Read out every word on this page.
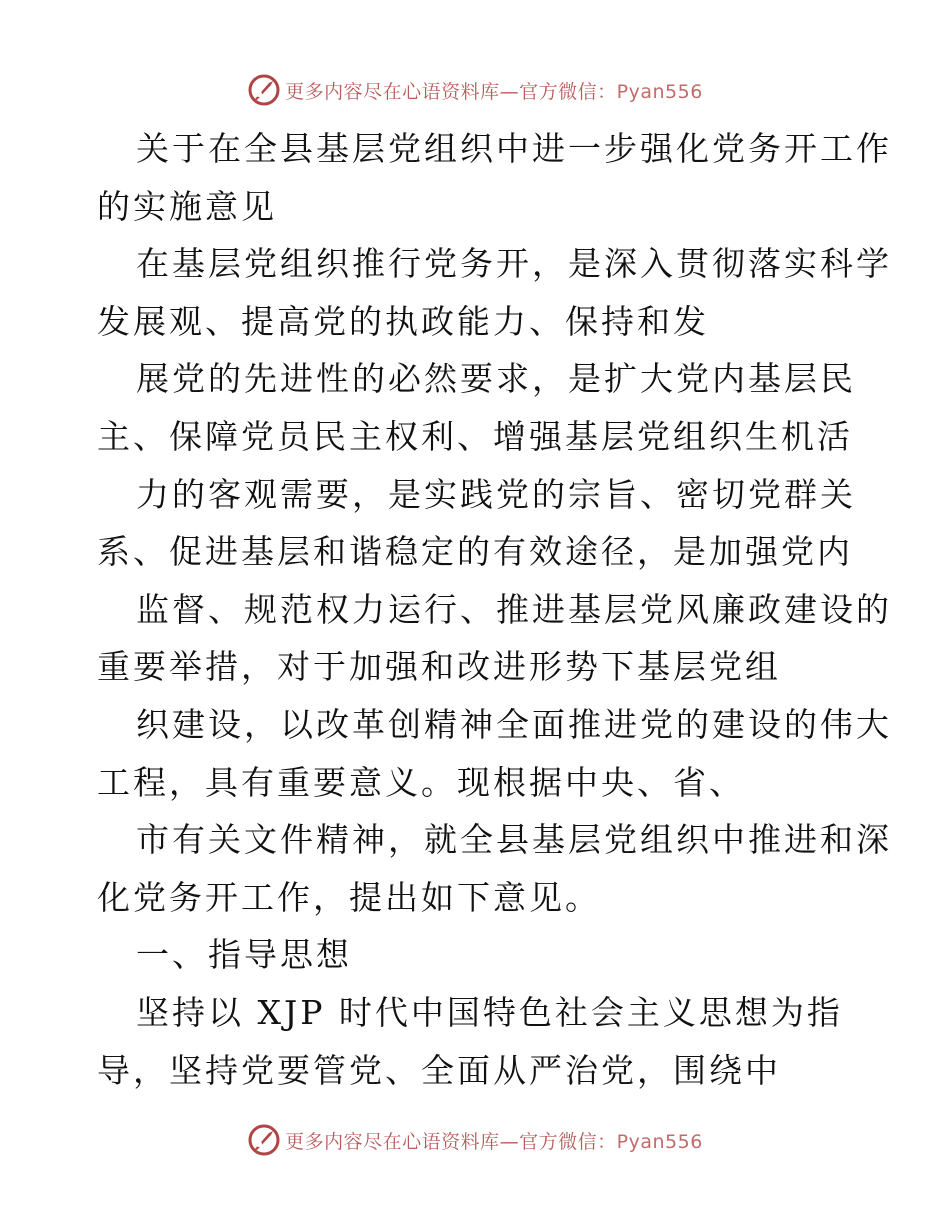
更多内容尽在心语资料库—官方微信：Pyan556
关于在全县基层党组织中进一步强化党务开工作
的实施意见
在基层党组织推行党务开，是深入贯彻落实科学
发展观、提高党的执政能力、保持和发
展党的先进性的必然要求，是扩大党内基层民
主、保障党员民主权利、增强基层党组织生机活
力的客观需要，是实践党的宗旨、密切党群关
系、促进基层和谐稳定的有效途径，是加强党内
监督、规范权力运行、推进基层党风廉政建设的
重要举措，对于加强和改进形势下基层党组
织建设，以改革创精神全面推进党的建设的伟大
工程，具有重要意义。现根据中央、省、
市有关文件精神，就全县基层党组织中推进和深
化党务开工作，提出如下意见。
一、指导思想
坚持以 XJP 时代中国特色社会主义思想为指
导，坚持党要管党、全面从严治党，围绕中
更多内容尽在心语资料库—官方微信：Pyan556
